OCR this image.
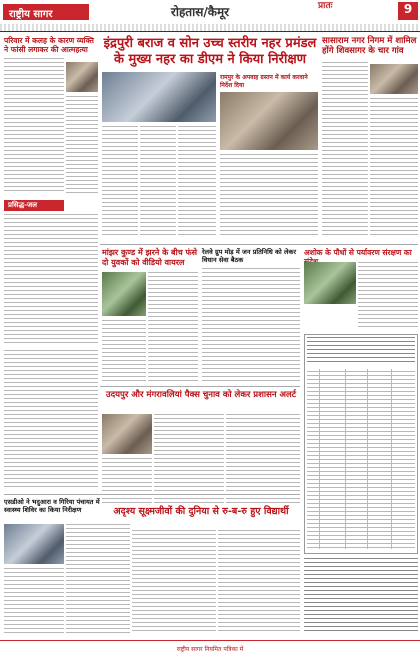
राष्ट्रीय सागर	रोहतास/कैमूर	प्रातः	9
परिवार में कलह के कारण व्यक्ति ने फांसी लगाकर की आत्महत्या	इंद्रपुरी बराज व सोन उच्च स्तरीय नहर प्रमंडल के मुख्य नहर का डीएम ने किया निरीक्षण
रामपुर के अपवाह ग्रस्तन में कार्य करवाने निर्देश दिया
सासाराम नगर निगम में शामिल होंगे शिवसागर के चार गांव
प्रसिद्ध-जल
मांझर कुण्ड में झरने के बीच फंसे दो युवकों को वीडियो वायरल
रेलवे ग्रुप मोड़ में जन प्रतिनिधि को लेकर विधान सेवा बैठक
अशोक के पौधों से पर्यावरण संरक्षण का
उदयपुर और मंगरावलियां पैक्स चुनाव को लेकर प्रशासन अलर्ट
एसडीओ ने भदुआरा व गिरिया पंचायत में स्वास्थ्य शिविर का किया निरीक्षण	अदृश्य सूक्ष्मजीवों की दुनिया से रु-ब-रु हुए विद्यार्थी
राष्ट्रीय सागर नियमित पत्रिका में
